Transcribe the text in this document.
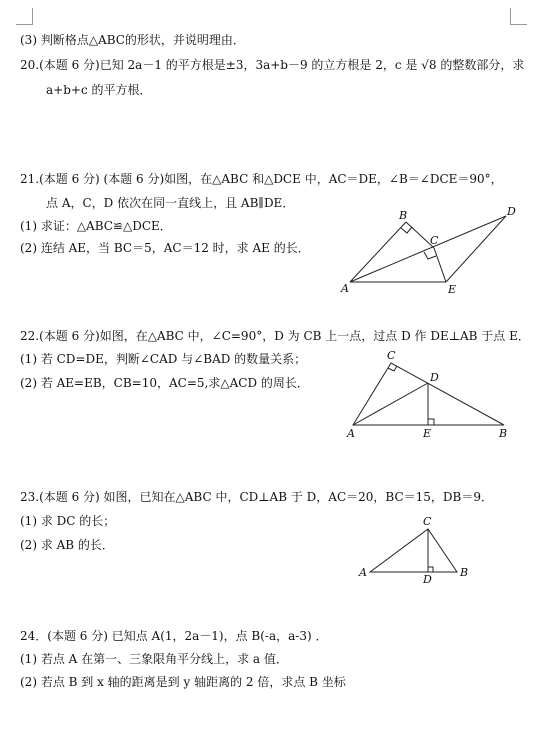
(3) 判断格点△ABC的形状，并说明理由．
20.(本题 6 分)已知 2a－1 的平方根是±3，3a+b－9 的立方根是 2，c 是 √8 的整数部分，求
a+b+c 的平方根．
21.(本题 6 分) (本题 6 分)如图，在△ABC 和△DCE 中，AC＝DE，∠B＝∠DCE＝90°，
点 A，C，D 依次在同一直线上，且 AB∥DE．
(1) 求证：△ABC≌△DCE．
(2) 连结 AE，当 BC＝5，AC＝12 时，求 AE 的长．
A
B
C
D
E
22.(本题 6 分)如图，在△ABC 中，∠C=90°，D 为 CB 上一点，过点 D 作 DE⊥AB 于点 E．
(1) 若 CD=DE，判断∠CAD 与∠BAD 的数量关系；
(2) 若 AE=EB，CB=10，AC=5,求△ACD 的周长．
C
D
A	E	B
23.(本题 6 分) 如图，已知在△ABC 中，CD⊥AB 于 D，AC＝20，BC＝15，DB＝9．
(1) 求 DC 的长；
(2) 求 AB 的长．
C
A
D
B
24．(本题 6 分) 已知点 A(1，2a－1)，点 B(-a，a-3) ．
(1) 若点 A 在第一、三象限角平分线上，求 a 值．
(2) 若点 B 到 x 轴的距离是到 y 轴距离的 2 倍，求点 B 坐标
